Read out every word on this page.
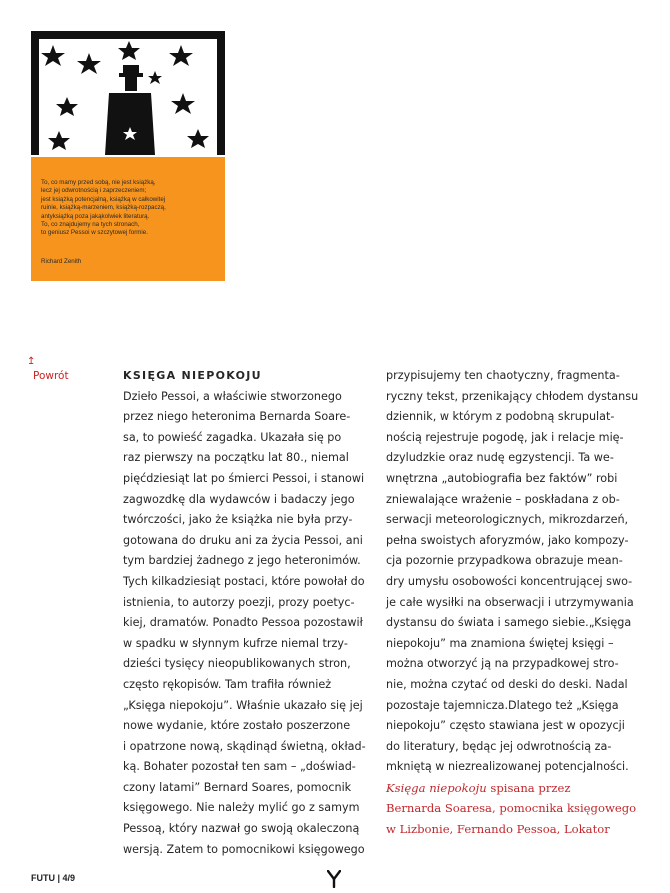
To, co mamy przed sobą, nie jest książką,
lecz jej odwrotnością i zaprzeczeniem;
jest książką potencjalną, książką w całkowitej
ruinie, książką-marzeniem, książką-rozpaczą,
antyksiążką poza jakąkolwiek literaturą.
To, co znajdujemy na tych stronach,
to geniusz Pessoi w szczytowej formie.
Richard Zenith
↥
Powrót	KSIĘGA NIEPOKOJU
Dzieło Pessoi, a właściwie stworzonego
przez niego heteronima Bernarda Soare-
sa, to powieść zagadka. Ukazała się po
raz pierwszy na początku lat 80., niemal
pięćdziesiąt lat po śmierci Pessoi, i stanowi
zagwozdkę dla wydawców i badaczy jego
twórczości, jako że książka nie była przy-
gotowana do druku ani za życia Pessoi, ani
tym bardziej żadnego z jego heteronimów.
Tych kilkadziesiąt postaci, które powołał do
istnienia, to autorzy poezji, prozy poetyc-
kiej, dramatów. Ponadto Pessoa pozostawił
w spadku w słynnym kufrze niemal trzy-
dzieści tysięcy nieopublikowanych stron,
często rękopisów. Tam trafiła również
„Księga niepokoju”. Właśnie ukazało się jej
nowe wydanie, które zostało poszerzone
i opatrzone nową, skądinąd świetną, okład-
ką. Bohater pozostał ten sam – „doświad-
czony latami” Bernard Soares, pomocnik
księgowego. Nie należy mylić go z samym
Pessoą, który nazwał go swoją okaleczoną
wersją. Zatem to pomocnikowi księgowego
przypisujemy ten chaotyczny, fragmenta-
ryczny tekst, przenikający chłodem dystansu
dziennik, w którym z podobną skrupulat-
nością rejestruje pogodę, jak i relacje mię-
dzyludzkie oraz nudę egzystencji. Ta we-
wnętrzna „autobiografia bez faktów” robi
zniewalające wrażenie – poskładana z ob-
serwacji meteorologicznych, mikrozdarzeń,
pełna swoistych aforyzmów, jako kompozy-
cja pozornie przypadkowa obrazuje mean-
dry umysłu osobowości koncentrującej swo-
je całe wysiłki na obserwacji i utrzymywania
dystansu do świata i samego siebie.„Księga
niepokoju” ma znamiona świętej księgi –
można otworzyć ją na przypadkowej stro-
nie, można czytać od deski do deski. Nadal
pozostaje tajemnicza.Dlatego też „Księga
niepokoju” często stawiana jest w opozycji
do literatury, będąc jej odwrotnością za-
mkniętą w niezrealizowanej potencjalności.
Księga niepokoju spisana przez
Bernarda Soaresa, pomocnika księgowego
w Lizbonie, Fernando Pessoa, Lokator
FUTU | 4/9
